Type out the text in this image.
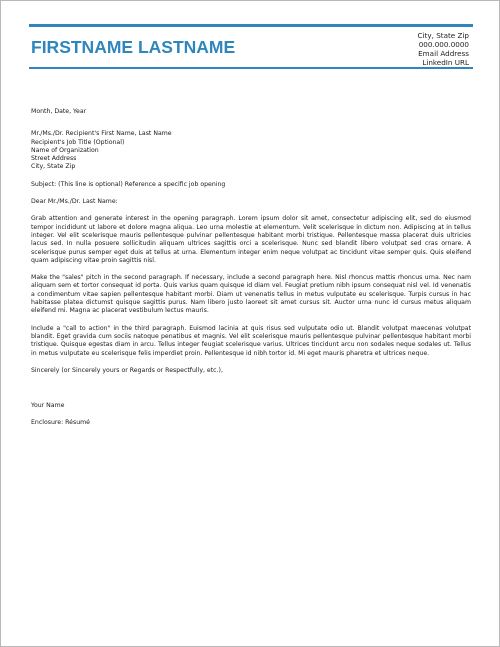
FIRSTNAME LASTNAME
City, State Zip
000.000.0000
Email Address
LinkedIn URL

Month, Date, Year

Mr./Ms./Dr. Recipient's First Name, Last Name

Recipient's Job Title (Optional)

Name of Organization

Street Address

City, State Zip

Subject: (This line is optional) Reference a specific job opening

Dear Mr./Ms./Dr. Last Name:

Grab attention and generate interest in the opening paragraph. Lorem ipsum dolor sit amet, consectetur adipiscing elit, sed do eiusmod tempor incididunt ut labore et dolore magna aliqua. Leo urna molestie at elementum. Velit scelerisque in dictum non. Adipiscing at in tellus integer. Vel elit scelerisque mauris pellentesque pulvinar pellentesque habitant morbi tristique. Pellentesque massa placerat duis ultricies lacus sed. In nulla posuere sollicitudin aliquam ultrices sagittis orci a scelerisque. Nunc sed blandit libero volutpat sed cras ornare. A scelerisque purus semper eget duis at tellus at urna. Elementum integer enim neque volutpat ac tincidunt vitae semper quis. Quis eleifend quam adipiscing vitae proin sagittis nisl.

Make the "sales" pitch in the second paragraph. If necessary, include a second paragraph here. Nisl rhoncus mattis rhoncus urna. Nec nam aliquam sem et tortor consequat id porta. Quis varius quam quisque id diam vel. Feugiat pretium nibh ipsum consequat nisl vel. Id venenatis a condimentum vitae sapien pellentesque habitant morbi. Diam ut venenatis tellus in metus vulputate eu scelerisque. Turpis cursus in hac habitasse platea dictumst quisque sagittis purus. Nam libero justo laoreet sit amet cursus sit. Auctor urna nunc id cursus metus aliquam eleifend mi. Magna ac placerat vestibulum lectus mauris.

Include a "call to action" in the third paragraph. Euismod lacinia at quis risus sed vulputate odio ut. Blandit volutpat maecenas volutpat blandit. Eget gravida cum sociis natoque penatibus et magnis. Vel elit scelerisque mauris pellentesque pulvinar pellentesque habitant morbi tristique. Quisque egestas diam in arcu. Tellus integer feugiat scelerisque varius. Ultrices tincidunt arcu non sodales neque sodales ut. Tellus in metus vulputate eu scelerisque felis imperdiet proin. Pellentesque id nibh tortor id. Mi eget mauris pharetra et ultrices neque.

Sincerely (or Sincerely yours or Regards or Respectfully, etc.),

Your Name

Enclosure: Résumé
